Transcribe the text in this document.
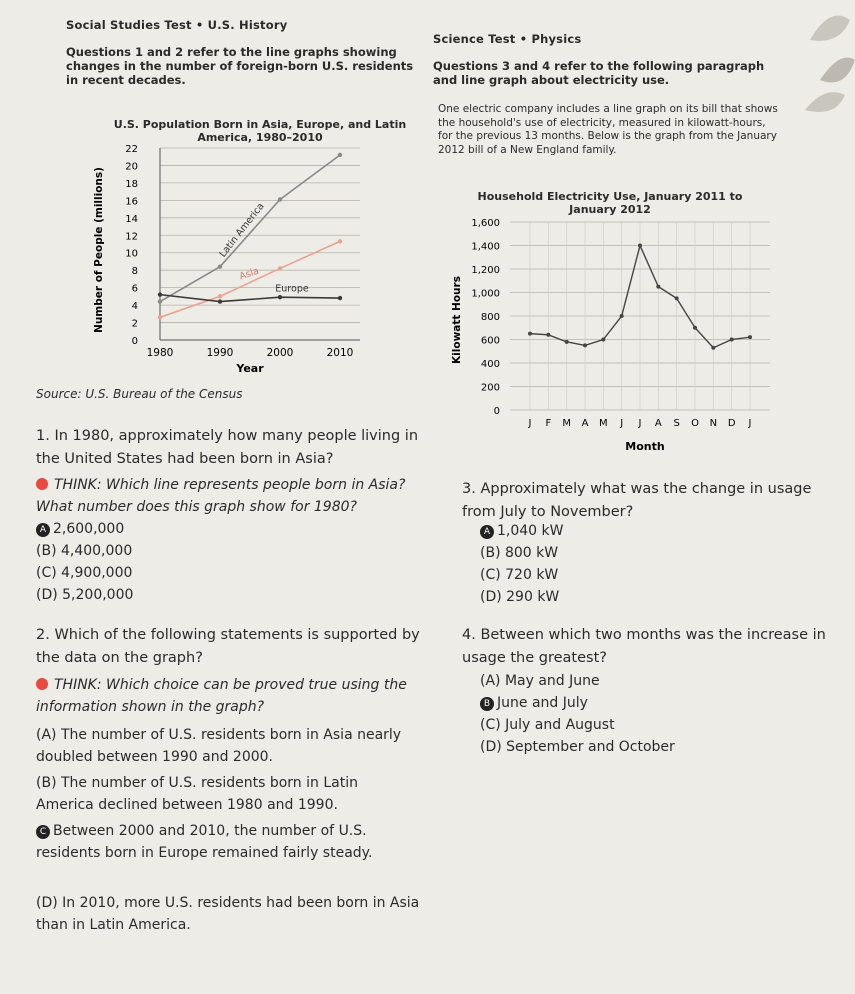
Social Studies Test • U.S. History
Questions 1 and 2 refer to the line graphs showing changes in the number of foreign-born U.S. residents in recent decades.
U.S. Population Born in Asia, Europe, and Latin America, 1980–2010
0
2
4
6
8
10
12
14
16
18
20
22
1980	1990	2000	2010
Latin America
Asia
Europe
Number of People (millions)
Year
Source: U.S. Bureau of the Census
1. In 1980, approximately how many people living in the United States had been born in Asia?
THINK: Which line represents people born in Asia? What number does this graph show for 1980?
A 2,600,000
(B) 4,400,000
(C) 4,900,000
(D) 5,200,000
2. Which of the following statements is supported by the data on the graph?
THINK: Which choice can be proved true using the information shown in the graph?
(A) The number of U.S. residents born in Asia nearly doubled between 1990 and 2000.
(B) The number of U.S. residents born in Latin America declined between 1980 and 1990.
C Between 2000 and 2010, the number of U.S. residents born in Europe remained fairly steady.
(D) In 2010, more U.S. residents had been born in Asia than in Latin America.
Science Test • Physics
Questions 3 and 4 refer to the following paragraph and line graph about electricity use.
One electric company includes a line graph on its bill that shows the household's use of electricity, measured in kilowatt-hours, for the previous 13 months. Below is the graph from the January 2012 bill of a New England family.
Household Electricity Use, January 2011 to January 2012
0
200
400
600
800
1,000
1,200
1,400
1,600
J F M A M J J A S O N D J
Kilowatt Hours
Month
3. Approximately what was the change in usage from July to November?
A 1,040 kW
(B) 800 kW
(C) 720 kW
(D) 290 kW
4. Between which two months was the increase in usage the greatest?
(A) May and June
B June and July
(C) July and August
(D) September and October
